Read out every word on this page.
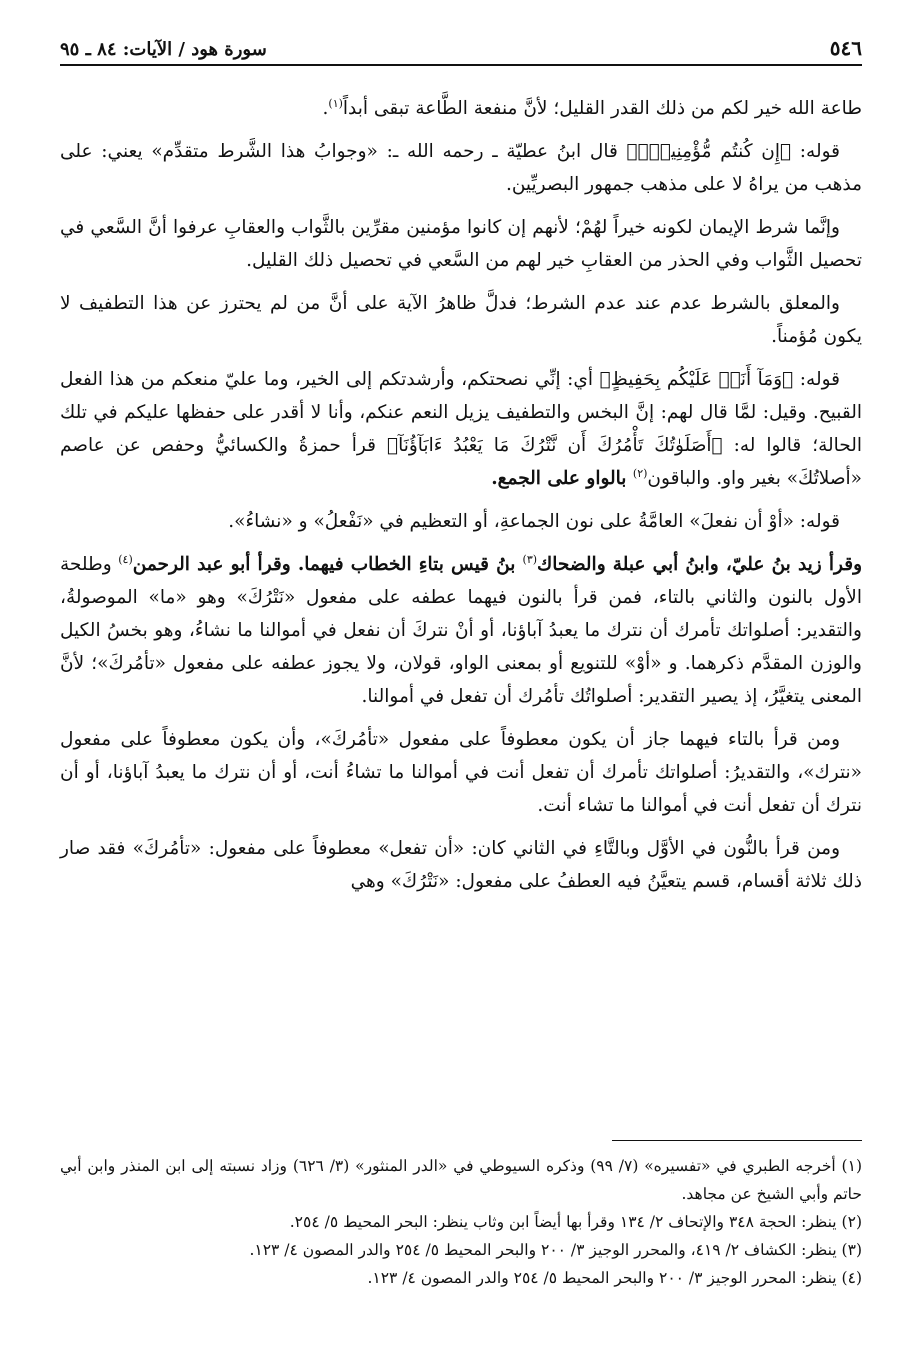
٥٤٦
سورة هود / الآيات: ٨٤ ـ ٩٥

طاعة الله خير لكم من ذلك القدر القليل؛ لأنَّ منفعة الطَّاعة تبقى أبداً$^{(١)}$.

قوله: ﴿إِن كُنتُم مُّؤْمِنِينَۚ﴾ قال ابنُ عطيّة ـ رحمه الله ـ: «وجوابُ هذا الشَّرط متقدِّم» يعني: على مذهب من يراهُ لا على مذهب جمهور البصريِّين.

وإنَّما شرط الإيمان لكونه خيراً لهُمْ؛ لأنهم إن كانوا مؤمنين مقرِّين بالثَّواب والعقابِ عرفوا أنَّ السَّعي في تحصيل الثَّواب وفي الحذر من العقابِ خير لهم من السَّعي في تحصيل ذلك القليل.

والمعلق بالشرط عدم عند عدم الشرط؛ فدلَّ ظاهرُ الآية على أنَّ من لم يحترز عن هذا التطفيف لا يكون مُؤمناً.

قوله: ﴿وَمَآ أَنَا۠ عَلَيْكُم بِحَفِيظٍ﴾ أي: إنِّي نصحتكم، وأرشدتكم إلى الخير، وما عليّ منعكم من هذا الفعل القبيح. وقيل: لمَّا قال لهم: إنَّ البخس والتطفيف يزيل النعم عنكم، وأنا لا أقدر على حفظها عليكم في تلك الحالة؛ قالوا له: ﴿أَصَلَوٰتُكَ تَأْمُرُكَ أَن نَّتْرُكَ مَا يَعْبُدُ ءَابَآؤُنَآ﴾ قرأ حمزةُ والكسائيُّ وحفص عن عاصم «أصلاتُكَ» بغير واو. والباقون$^{(٢)}$ بالواو على الجمع.

قوله: «أوْ أن نفعلَ» العامَّةُ على نون الجماعةِ، أو التعظيم في «نَفْعلُ» و «نشاءُ».

وقرأ زيد بنُ عليّ، وابنُ أبي عبلة والضحاك$^{(٣)}$ بنُ قيس بتاءِ الخطاب فيهما. وقرأ أبو عبد الرحمن$^{(٤)}$ وطلحة الأول بالنون والثاني بالتاء، فمن قرأ بالنون فيهما عطفه على مفعول «نَتْرُكَ» وهو «ما» الموصولةُ، والتقدير: أصلواتك تأمرك أن نترك ما يعبدُ آباؤنا، أو أنْ نتركَ أن نفعل في أموالنا ما نشاءُ، وهو بخسُ الكيل والوزن المقدَّم ذكرهما. و «أوْ» للتنويع أو بمعنى الواو، قولان، ولا يجوز عطفه على مفعول «تأمُركَ»؛ لأنَّ المعنى يتغيَّرُ، إذ يصير التقدير: أصلواتُك تأمُرك أن تفعل في أموالنا.

ومن قرأ بالتاء فيهما جاز أن يكون معطوفاً على مفعول «تأمُركَ»، وأن يكون معطوفاً على مفعول «نترك»، والتقديرُ: أصلواتك تأمرك أن تفعل أنت في أموالنا ما تشاءُ أنت، أو أن نترك ما يعبدُ آباؤنا، أو أن نترك أن تفعل أنت في أموالنا ما تشاء أنت.

ومن قرأ بالنُّون في الأوَّل وبالتَّاءِ في الثاني كان: «أن تفعل» معطوفاً على مفعول: «تأمُركَ» فقد صار ذلك ثلاثة أقسام، قسم يتعيَّنُ فيه العطفُ على مفعول: «نَتْرُكَ» وهي

(١) أخرجه الطبري في «تفسيره» (٧/ ٩٩) وذكره السيوطي في «الدر المنثور» (٣/ ٦٢٦) وزاد نسبته إلى ابن المنذر وابن أبي حاتم وأبي الشيخ عن مجاهد.

(٢) ينظر: الحجة ٣٤٨ والإتحاف ٢/ ١٣٤ وقرأ بها أيضاً ابن وثاب ينظر: البحر المحيط ٥/ ٢٥٤.

(٣) ينظر: الكشاف ٢/ ٤١٩، والمحرر الوجيز ٣/ ٢٠٠ والبحر المحيط ٥/ ٢٥٤ والدر المصون ٤/ ١٢٣.

(٤) ينظر: المحرر الوجيز ٣/ ٢٠٠ والبحر المحيط ٥/ ٢٥٤ والدر المصون ٤/ ١٢٣.
